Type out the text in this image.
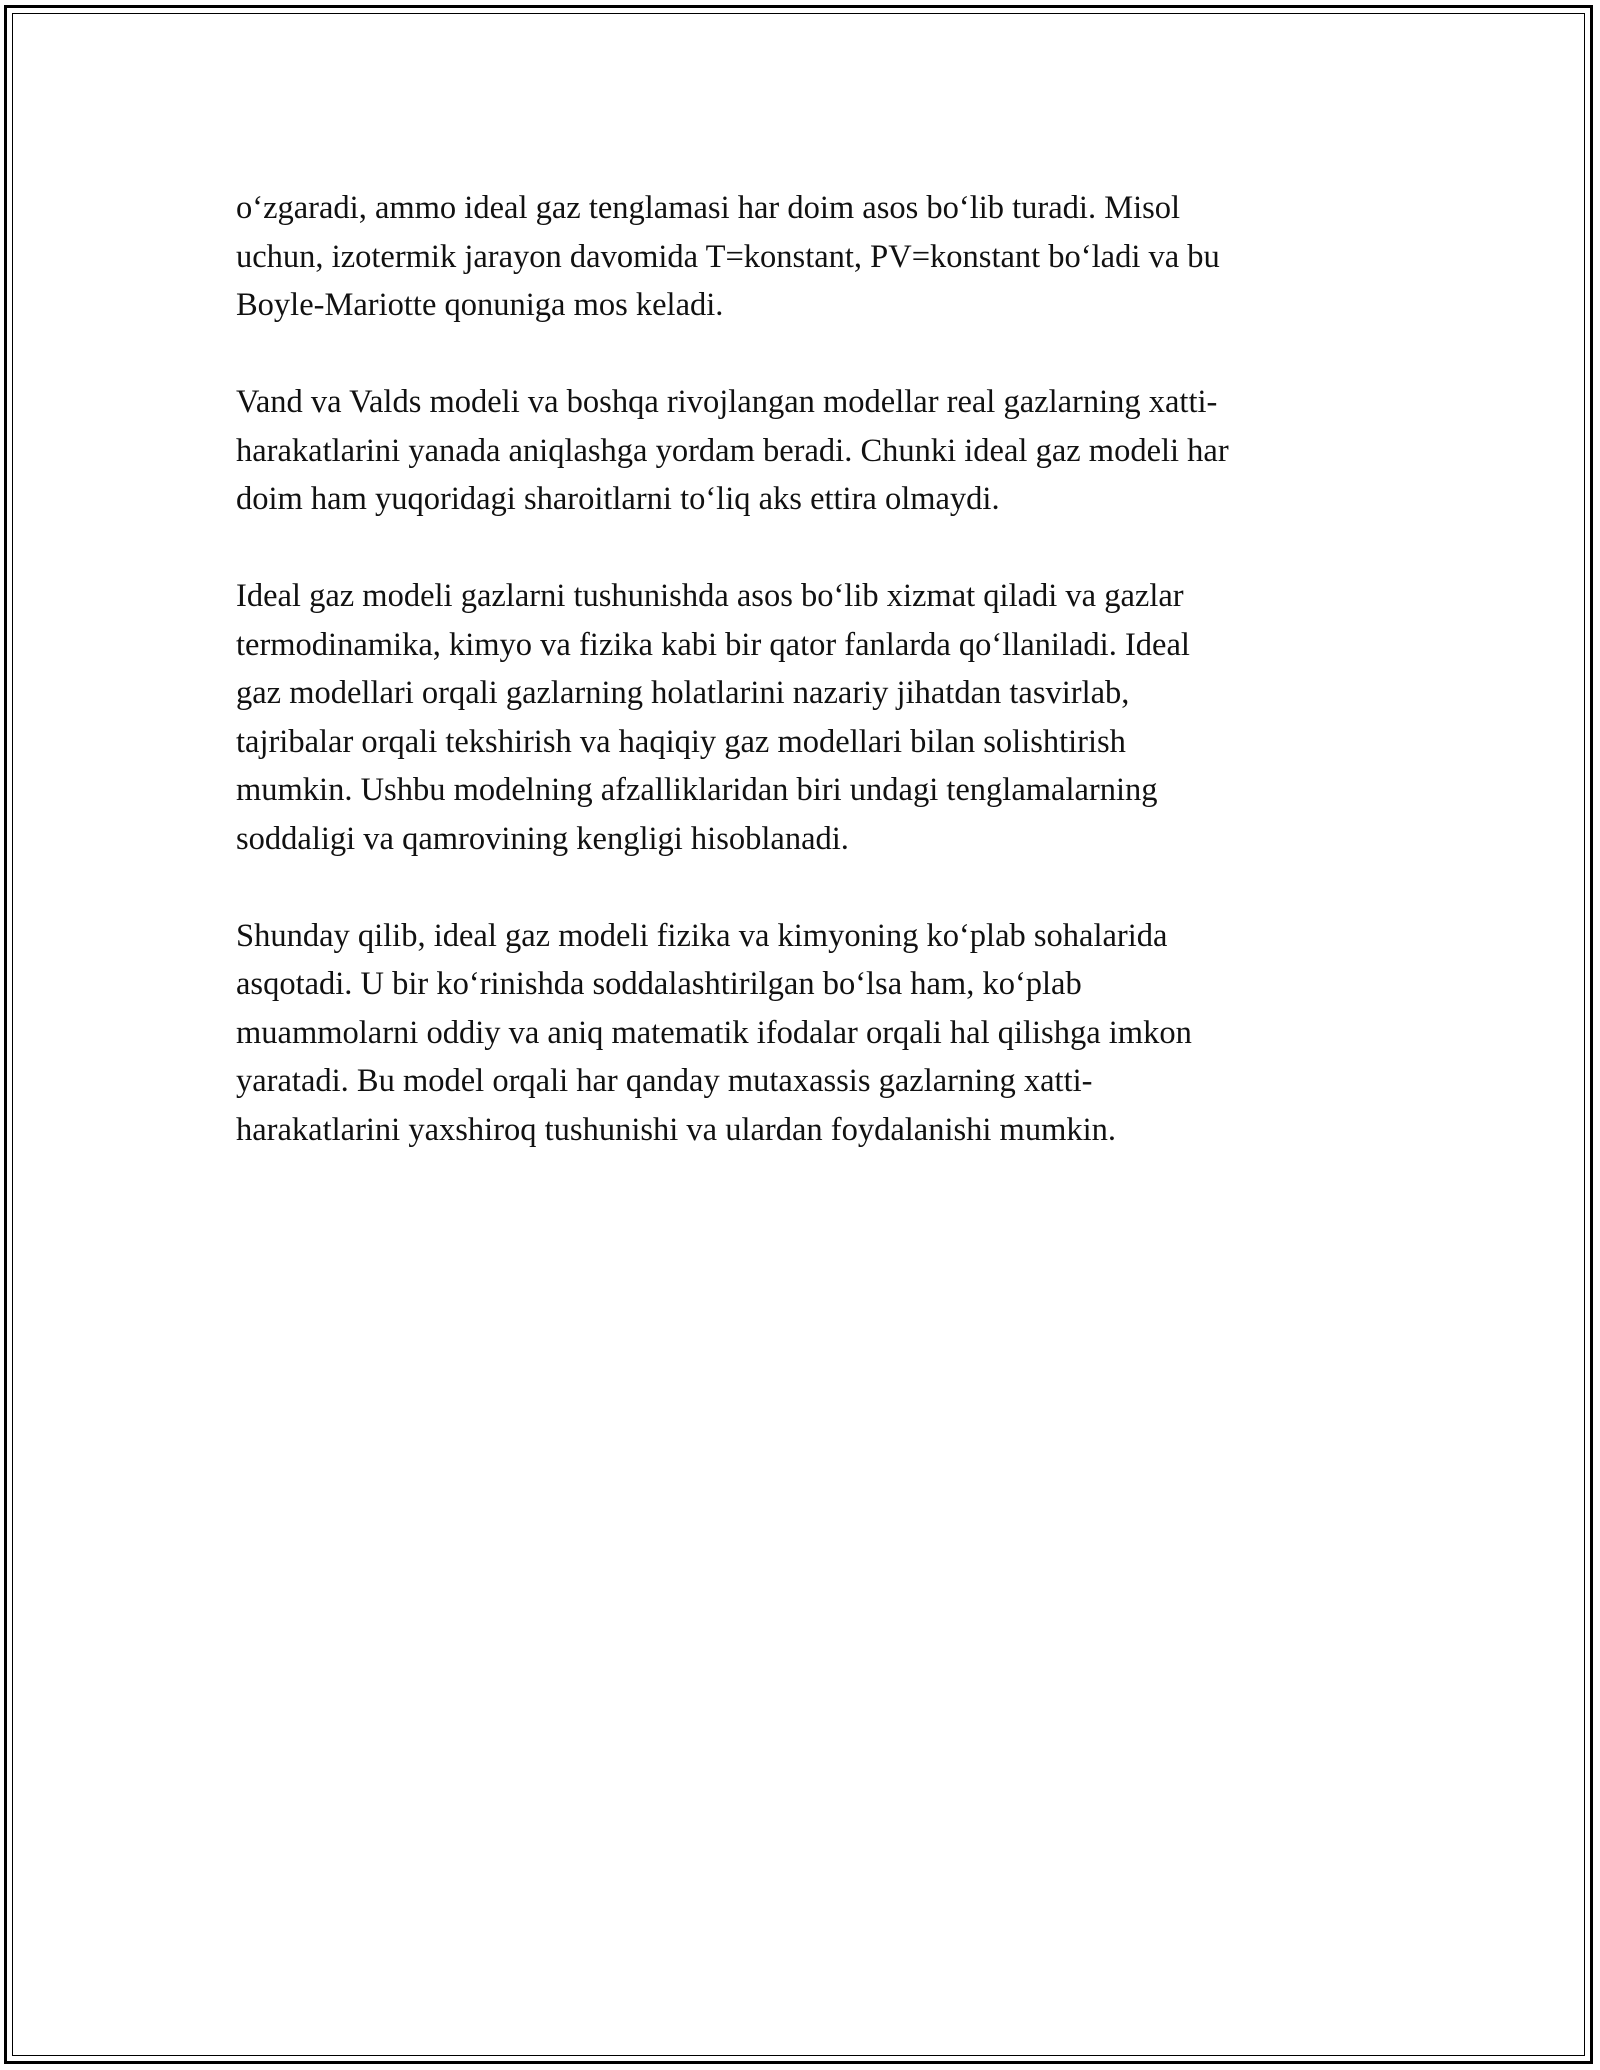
o‘zgaradi, ammo ideal gaz tenglamasi har doim asos bo‘lib turadi. Misol
uchun, izotermik jarayon davomida T=konstant, PV=konstant bo‘ladi va bu
Boyle-Mariotte qonuniga mos keladi.

Vand va Valds modeli va boshqa rivojlangan modellar real gazlarning xatti-
harakatlarini yanada aniqlashga yordam beradi. Chunki ideal gaz modeli har
doim ham yuqoridagi sharoitlarni to‘liq aks ettira olmaydi.

Ideal gaz modeli gazlarni tushunishda asos bo‘lib xizmat qiladi va gazlar
termodinamika, kimyo va fizika kabi bir qator fanlarda qo‘llaniladi. Ideal
gaz modellari orqali gazlarning holatlarini nazariy jihatdan tasvirlab,
tajribalar orqali tekshirish va haqiqiy gaz modellari bilan solishtirish
mumkin. Ushbu modelning afzalliklaridan biri undagi tenglamalarning
soddaligi va qamrovining kengligi hisoblanadi.

Shunday qilib, ideal gaz modeli fizika va kimyoning ko‘plab sohalarida
asqotadi. U bir ko‘rinishda soddalashtirilgan bo‘lsa ham, ko‘plab
muammolarni oddiy va aniq matematik ifodalar orqali hal qilishga imkon
yaratadi. Bu model orqali har qanday mutaxassis gazlarning xatti-
harakatlarini yaxshiroq tushunishi va ulardan foydalanishi mumkin.
